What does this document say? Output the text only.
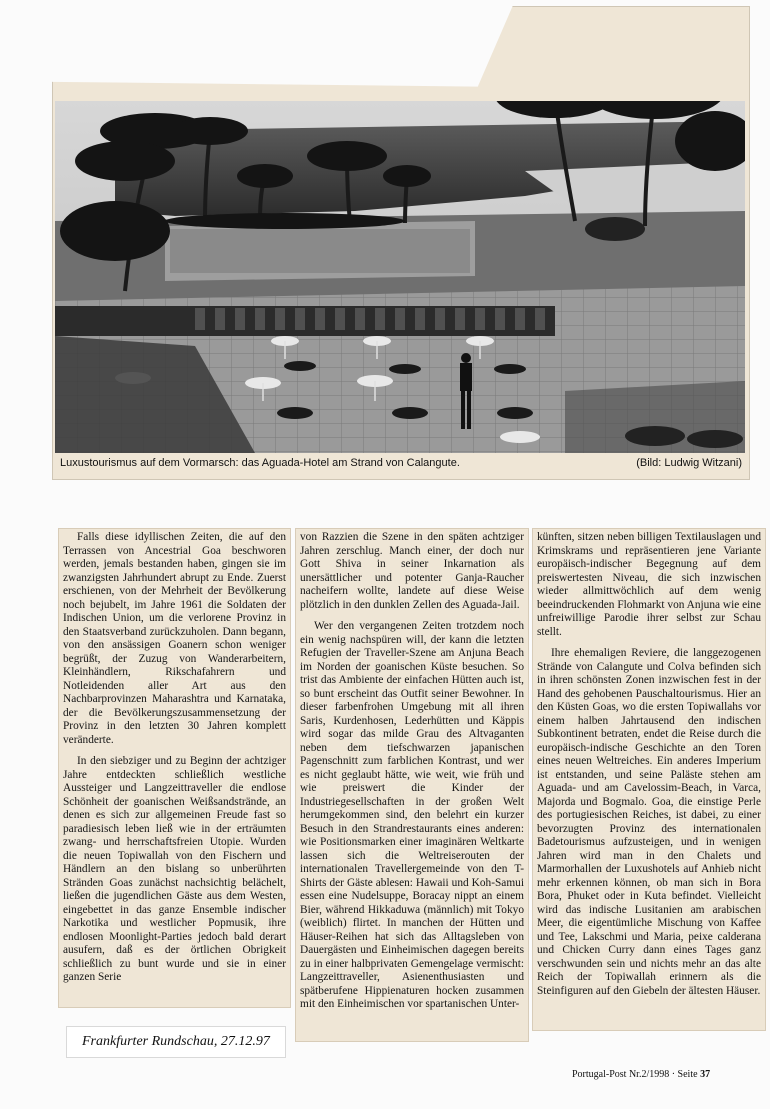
Luxustourismus auf dem Vormarsch: das Aguada-Hotel am Strand von Calangute.	(Bild: Ludwig Witzani)

Falls diese idyllischen Zeiten, die auf den Terrassen von Ancestrial Goa beschworen werden, jemals bestanden haben, gingen sie im zwanzigsten Jahrhundert abrupt zu Ende. Zuerst erschienen, von der Mehrheit der Bevölkerung noch bejubelt, im Jahre 1961 die Soldaten der Indischen Union, um die verlorene Provinz in den Staatsverband zurückzuholen. Dann begann, von den ansässigen Goanern schon weniger begrüßt, der Zuzug von Wanderarbeitern, Kleinhändlern, Rikschafahrern und Notleidenden aller Art aus den Nachbarprovinzen Maharashtra und Karnataka, der die Bevölkerungszusammensetzung der Provinz in den letzten 30 Jahren komplett veränderte.

In den siebziger und zu Beginn der achtziger Jahre entdeckten schließlich westliche Aussteiger und Langzeittraveller die endlose Schönheit der goanischen Weißsandstrände, an denen es sich zur allgemeinen Freude fast so paradiesisch leben ließ wie in der erträumten zwang- und herrschaftsfreien Utopie. Wurden die neuen Topiwallah von den Fischern und Händlern an den bislang so unberührten Stränden Goas zunächst nachsichtig belächelt, ließen die jugendlichen Gäste aus dem Westen, eingebettet in das ganze Ensemble indischer Narkotika und westlicher Popmusik, ihre endlosen Moonlight-Parties jedoch bald derart ausufern, daß es der örtlichen Obrigkeit schließlich zu bunt wurde und sie in einer ganzen Serie

von Razzien die Szene in den späten achtziger Jahren zerschlug. Manch einer, der doch nur Gott Shiva in seiner Inkarnation als unersättlicher und potenter Ganja-Raucher nacheifern wollte, landete auf diese Weise plötzlich in den dunklen Zellen des Aguada-Jail.

Wer den vergangenen Zeiten trotzdem noch ein wenig nachspüren will, der kann die letzten Refugien der Traveller-Szene am Anjuna Beach im Norden der goanischen Küste besuchen. So trist das Ambiente der einfachen Hütten auch ist, so bunt erscheint das Outfit seiner Bewohner. In dieser farbenfrohen Umgebung mit all ihren Saris, Kurdenhosen, Lederhütten und Käppis wird sogar das milde Grau des Altvaganten neben dem tiefschwarzen japanischen Pagenschnitt zum farblichen Kontrast, und wer es nicht geglaubt hätte, wie weit, wie früh und wie preiswert die Kinder der Industriegesellschaften in der großen Welt herumgekommen sind, den belehrt ein kurzer Besuch in den Strandrestaurants eines anderen: wie Positionsmarken einer imaginären Weltkarte lassen sich die Weltreiserouten der internationalen Travellergemeinde von den T-Shirts der Gäste ablesen: Hawaii und Koh-Samui essen eine Nudelsuppe, Boracay nippt an einem Bier, während Hikkaduwa (männlich) mit Tokyo (weiblich) flirtet. In manchen der Hütten und Häuser-Reihen hat sich das Alltagsleben von Dauergästen und Einheimischen dagegen bereits zu in einer halbprivaten Gemengelage vermischt: Langzeittraveller, Asienenthusiasten und spätberufene Hippienaturen hocken zusammen mit den Einheimischen vor spartanischen Unter-

künften, sitzen neben billigen Textilauslagen und Krimskrams und repräsentieren jene Variante europäisch-indischer Begegnung auf dem preiswertesten Niveau, die sich inzwischen wieder allmittwöchlich auf dem wenig beeindruckenden Flohmarkt von Anjuna wie eine unfreiwillige Parodie ihrer selbst zur Schau stellt.

Ihre ehemaligen Reviere, die langgezogenen Strände von Calangute und Colva befinden sich in ihren schönsten Zonen inzwischen fest in der Hand des gehobenen Pauschaltourismus. Hier an den Küsten Goas, wo die ersten Topiwallahs vor einem halben Jahrtausend den indischen Subkontinent betraten, endet die Reise durch die europäisch-indische Geschichte an den Toren eines neuen Weltreiches. Ein anderes Imperium ist entstanden, und seine Paläste stehen am Aguada- und am Cavelossim-Beach, in Varca, Majorda und Bogmalo. Goa, die einstige Perle des portugiesischen Reiches, ist dabei, zu einer bevorzugten Provinz des internationalen Badetourismus aufzusteigen, und in wenigen Jahren wird man in den Chalets und Marmorhallen der Luxushotels auf Anhieb nicht mehr erkennen können, ob man sich in Bora Bora, Phuket oder in Kuta befindet. Vielleicht wird das indische Lusitanien am arabischen Meer, die eigentümliche Mischung von Kaffee und Tee, Lakschmi und Maria, peixe calderana und Chicken Curry dann eines Tages ganz verschwunden sein und nichts mehr an das alte Reich der Topiwallah erinnern als die Steinfiguren auf den Giebeln der ältesten Häuser.

Frankfurter Rundschau, 27.12.97
Portugal-Post Nr.2/1998 · Seite 37
